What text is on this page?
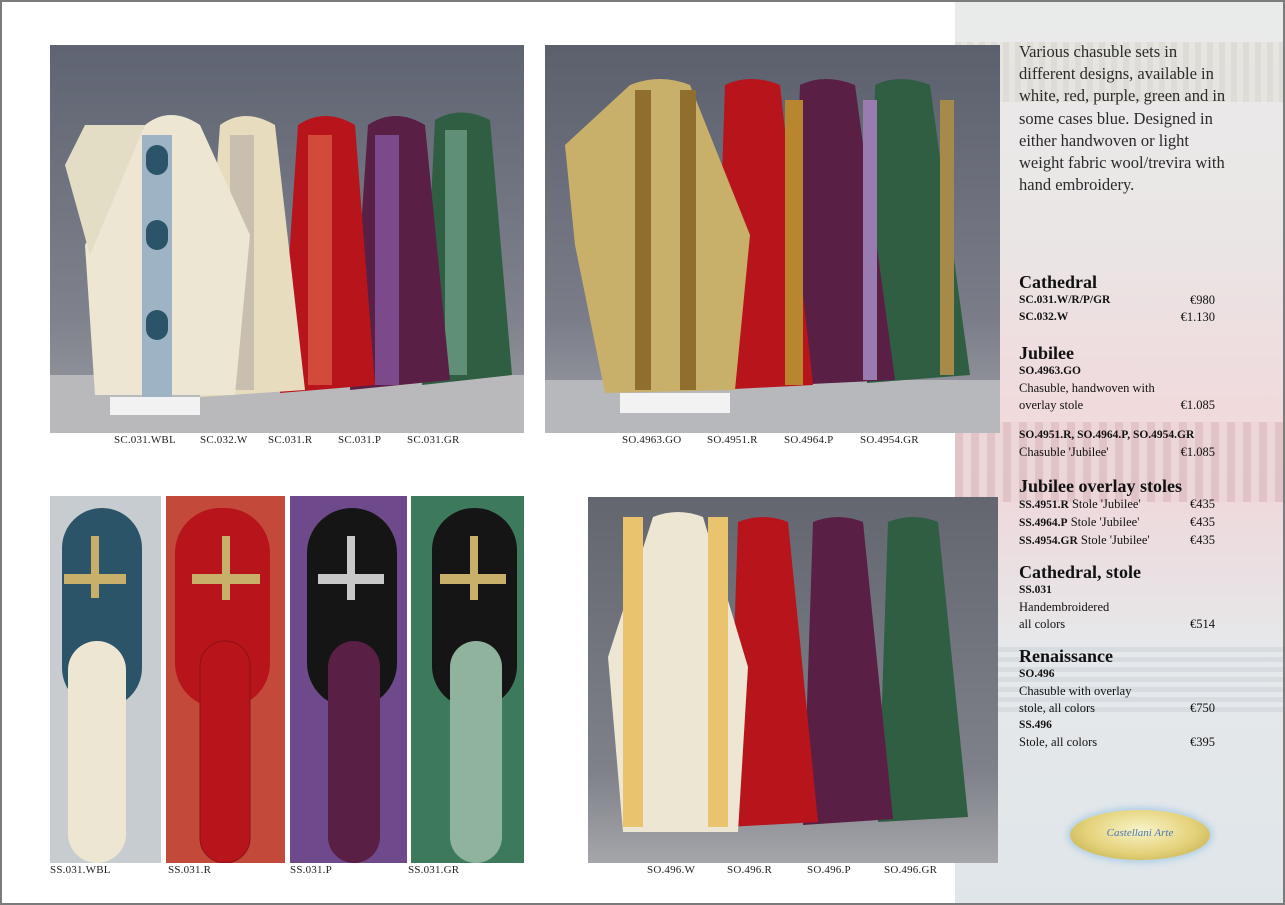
SC.031.WBL SC.032.W SC.031.R SC.031.P SC.031.GR	SO.4963.GO SO.4951.R SO.4964.P SO.4954.GR
SS.031.WBL	SS.031.R	SS.031.P	SS.031.GR	SO.496.W	SO.496.R	SO.496.P	SO.496.GR
Various chasuble sets in different designs, available in white, red, purple, green and in some cases blue. Designed in either handwoven or light weight fabric wool/trevira with hand embroidery.
Cathedral
SC.031.W/R/P/GR	€980
SC.032.W	€1.130
Jubilee
SO.4963.GO
Chasuble, handwoven with
overlay stole	€1.085
SO.4951.R, SO.4964.P, SO.4954.GR
Chasuble 'Jubilee'	€1.085
Jubilee overlay stoles
SS.4951.R Stole 'Jubilee'	€435
SS.4964.P Stole 'Jubilee'	€435
SS.4954.GR Stole 'Jubilee'	€435
Cathedral, stole
SS.031
Handembroidered
all colors	€514
Renaissance
SO.496
Chasuble with overlay
stole, all colors	€750
SS.496
Stole, all colors	€395
Castellani Arte
